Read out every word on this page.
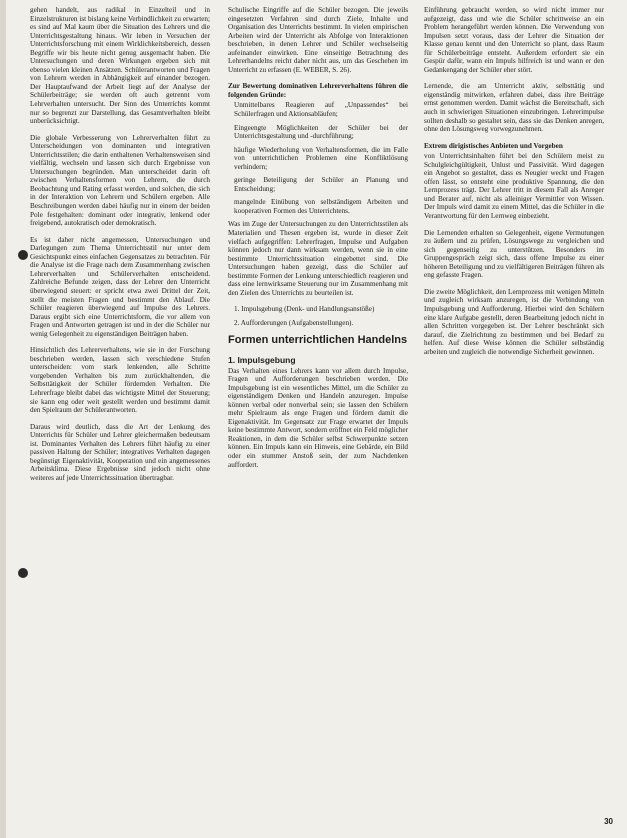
gehen handelt, aus radikal in Einzelteil und in Einzelstrukturen ist bislang keine Verbindlichkeit zu erwarten; es sind auf Mal kaum über die Situation des Lehrers und die Unterrichtsgestaltung hinaus. Wir leben in Versuchen der Unterrichtsforschung mit einem Wirklichkeitsbereich, dessen Begriffe wir bis heute nicht genug ausgemacht haben. Die Untersuchungen und deren Wirkungen ergeben sich mit ebenso vielen kleinen Ansätzen. Schülerantworten und Fragen von Lehrern werden in Abhängigkeit auf einander bezogen. Der Hauptaufwand der Arbeit liegt auf der Analyse der Schülerbeiträge; sie werden oft auch getrennt vom Lehrverhalten untersucht. Der Sinn des Unterrichts kommt nur so begrenzt zur Darstellung, das Gesamtverhalten bleibt unberücksichtigt.

Die globale Verbesserung von Lehrerverhalten führt zu Unterscheidungen von dominanten und integrativen Unterrichtsstilen; die darin enthaltenen Verhaltensweisen sind vielfältig, wechseln und lassen sich durch Ergebnisse von Untersuchungen begründen. Man unterscheidet darin oft zwischen Verhaltensformen von Lehrern, die durch Beobachtung und Rating erfasst werden, und solchen, die sich in der Interaktion von Lehrern und Schülern ergeben. Alle Beschreibungen werden dabei häufig nur in einem der beiden Pole festgehalten: dominant oder integrativ, lenkend oder freigebend, autokratisch oder demokratisch.

Es ist daher nicht angemessen, Untersuchungen und Darlegungen zum Thema Unterrichtsstil nur unter dem Gesichtspunkt eines einfachen Gegensatzes zu betrachten. Für die Analyse ist die Frage nach dem Zusammenhang zwischen Lehrerverhalten und Schülerverhalten entscheidend. Zahlreiche Befunde zeigen, dass der Lehrer den Unterricht überwiegend steuert: er spricht etwa zwei Drittel der Zeit, stellt die meisten Fragen und bestimmt den Ablauf. Die Schüler reagieren überwiegend auf Impulse des Lehrers. Daraus ergibt sich eine Unterrichtsform, die vor allem von Fragen und Antworten getragen ist und in der die Schüler nur wenig Gelegenheit zu eigenständigen Beiträgen haben.

Hinsichtlich des Lehrerverhaltens, wie sie in der Forschung beschrieben werden, lassen sich verschiedene Stufen unterscheiden: vom stark lenkenden, alle Schritte vorgebenden Verhalten bis zum zurückhaltenden, die Selbsttätigkeit der Schüler fördernden Verhalten. Die Lehrerfrage bleibt dabei das wichtigste Mittel der Steuerung; sie kann eng oder weit gestellt werden und bestimmt damit den Spielraum der Schülerantworten.

Daraus wird deutlich, dass die Art der Lenkung des Unterrichts für Schüler und Lehrer gleichermaßen bedeutsam ist. Dominantes Verhalten des Lehrers führt häufig zu einer passiven Haltung der Schüler; integratives Verhalten dagegen begünstigt Eigenaktivität, Kooperation und ein angemessenes Arbeitsklima. Diese Ergebnisse sind jedoch nicht ohne weiteres auf jede Unterrichtssituation übertragbar.

Schulische Eingriffe auf die Schüler bezogen. Die jeweils eingesetzten Verfahren sind durch Ziele, Inhalte und Organisation des Unterrichts bestimmt. In vielen empirischen Arbeiten wird der Unterricht als Abfolge von Interaktionen beschrieben, in denen Lehrer und Schüler wechselseitig aufeinander einwirken. Eine einseitige Betrachtung des Lehrerhandelns reicht daher nicht aus, um das Geschehen im Unterricht zu erfassen (E. WEBER, S. 26).

Zur Bewertung dominativen Lehrerverhaltens führen die folgenden Gründe:

Unmittelbares Reagieren auf „Unpassendes“ bei Schülerfragen und Aktionsabläufen;

Eingeengte Möglichkeiten der Schüler bei der Unterrichtsgestaltung und -durchführung;

häufige Wiederholung von Verhaltensformen, die im Falle von unterrichtlichen Problemen eine Konfliktlösung verhindern;

geringe Beteiligung der Schüler an Planung und Entscheidung;

mangelnde Einübung von selbständigem Arbeiten und kooperativen Formen des Unterrichtens.

Was im Zuge der Untersuchungen zu den Unterrichtsstilen als Materialien und Thesen ergeben ist, wurde in dieser Zeit vielfach aufgegriffen: Lehrerfragen, Impulse und Aufgaben können jedoch nur dann wirksam werden, wenn sie in eine bestimmte Unterrichtssituation eingebettet sind. Die Untersuchungen haben gezeigt, dass die Schüler auf bestimmte Formen der Lenkung unterschiedlich reagieren und dass eine lernwirksame Steuerung nur im Zusammenhang mit den Zielen des Unterrichts zu beurteilen ist.

1. Impulsgebung (Denk- und Handlungsanstöße)

2. Aufforderungen (Aufgabenstellungen).

Formen unterrichtlichen Handelns
1. Impulsgebung

Das Verhalten eines Lehrers kann vor allem durch Impulse, Fragen und Aufforderungen beschrieben werden. Die Impulsgebung ist ein wesentliches Mittel, um die Schüler zu eigenständigem Denken und Handeln anzuregen. Impulse können verbal oder nonverbal sein; sie lassen den Schülern mehr Spielraum als enge Fragen und fördern damit die Eigenaktivität. Im Gegensatz zur Frage erwartet der Impuls keine bestimmte Antwort, sondern eröffnet ein Feld möglicher Reaktionen, in dem die Schüler selbst Schwerpunkte setzen können. Ein Impuls kann ein Hinweis, eine Gebärde, ein Bild oder ein stummer Anstoß sein, der zum Nachdenken auffordert.

Einführung gebraucht werden, so wird nicht immer nur aufgezeigt, dass und wie die Schüler schrittweise an ein Problem herangeführt werden können. Die Verwendung von Impulsen setzt voraus, dass der Lehrer die Situation der Klasse genau kennt und den Unterricht so plant, dass Raum für Schülerbeiträge entsteht. Außerdem erfordert sie ein Gespür dafür, wann ein Impuls hilfreich ist und wann er den Gedankengang der Schüler eher stört.

Lernende, die am Unterricht aktiv, selbsttätig und eigenständig mitwirken, erfahren dabei, dass ihre Beiträge ernst genommen werden. Damit wächst die Bereitschaft, sich auch in schwierigen Situationen einzubringen. Lehrerimpulse sollten deshalb so gestaltet sein, dass sie das Denken anregen, ohne den Lösungsweg vorwegzunehmen.

Extrem dirigistisches Anbieten und Vorgeben

von Unterrichtsinhalten führt bei den Schülern meist zu Schulgleichgültigkeit, Unlust und Passivität. Wird dagegen ein Angebot so gestaltet, dass es Neugier weckt und Fragen offen lässt, so entsteht eine produktive Spannung, die den Lernprozess trägt. Der Lehrer tritt in diesem Fall als Anreger und Berater auf, nicht als alleiniger Vermittler von Wissen. Der Impuls wird damit zu einem Mittel, das die Schüler in die Verantwortung für den Lernweg einbezieht.

Die Lernenden erhalten so Gelegenheit, eigene Vermutungen zu äußern und zu prüfen, Lösungswege zu vergleichen und sich gegenseitig zu unterstützen. Besonders im Gruppengespräch zeigt sich, dass offene Impulse zu einer höheren Beteiligung und zu vielfältigeren Beiträgen führen als eng gefasste Fragen.

Die zweite Möglichkeit, den Lernprozess mit wenigen Mitteln und zugleich wirksam anzuregen, ist die Verbindung von Impulsgebung und Aufforderung. Hierbei wird den Schülern eine klare Aufgabe gestellt, deren Bearbeitung jedoch nicht in allen Schritten vorgegeben ist. Der Lehrer beschränkt sich darauf, die Zielrichtung zu bestimmen und bei Bedarf zu helfen. Auf diese Weise können die Schüler selbständig arbeiten und zugleich die notwendige Sicherheit gewinnen.

30
